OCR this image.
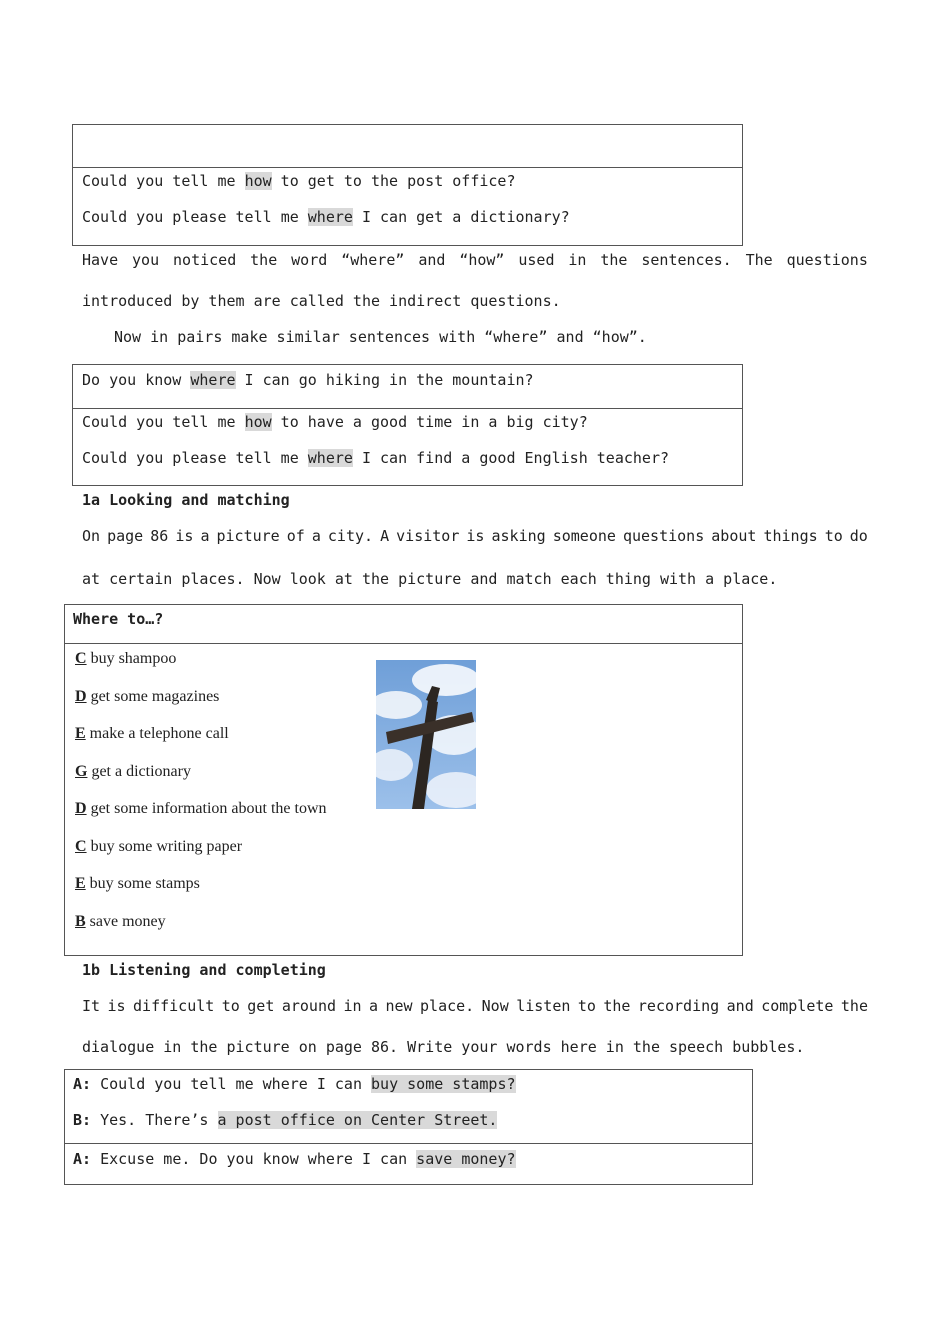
Could you tell me how to get to the post office?
Could you please tell me where I can get a dictionary?
Have you noticed the word “where” and “how” used in the sentences. The questions
introduced by them are called the indirect questions.
Now in pairs make similar sentences with “where” and “how”.
Do you know where I can go hiking in the mountain?
Could you tell me how to have a good time in a big city?
Could you please tell me where I can find a good English teacher?
1a Looking and matching
On page 86 is a picture of a city. A visitor is asking someone questions about things to do
at certain places. Now look at the picture and match each thing with a place.
Where to…?
C buy shampoo
D get some magazines
E make a telephone call
G get a dictionary
D get some information about the town
C buy some writing paper
E buy some stamps
B save money
1b Listening and completing
It is difficult to get around in a new place. Now listen to the recording and complete the
dialogue in the picture on page 86. Write your words here in the speech bubbles.
A: Could you tell me where I can buy some stamps?
B: Yes. There’s a post office on Center Street.
A: Excuse me. Do you know where I can save money?
